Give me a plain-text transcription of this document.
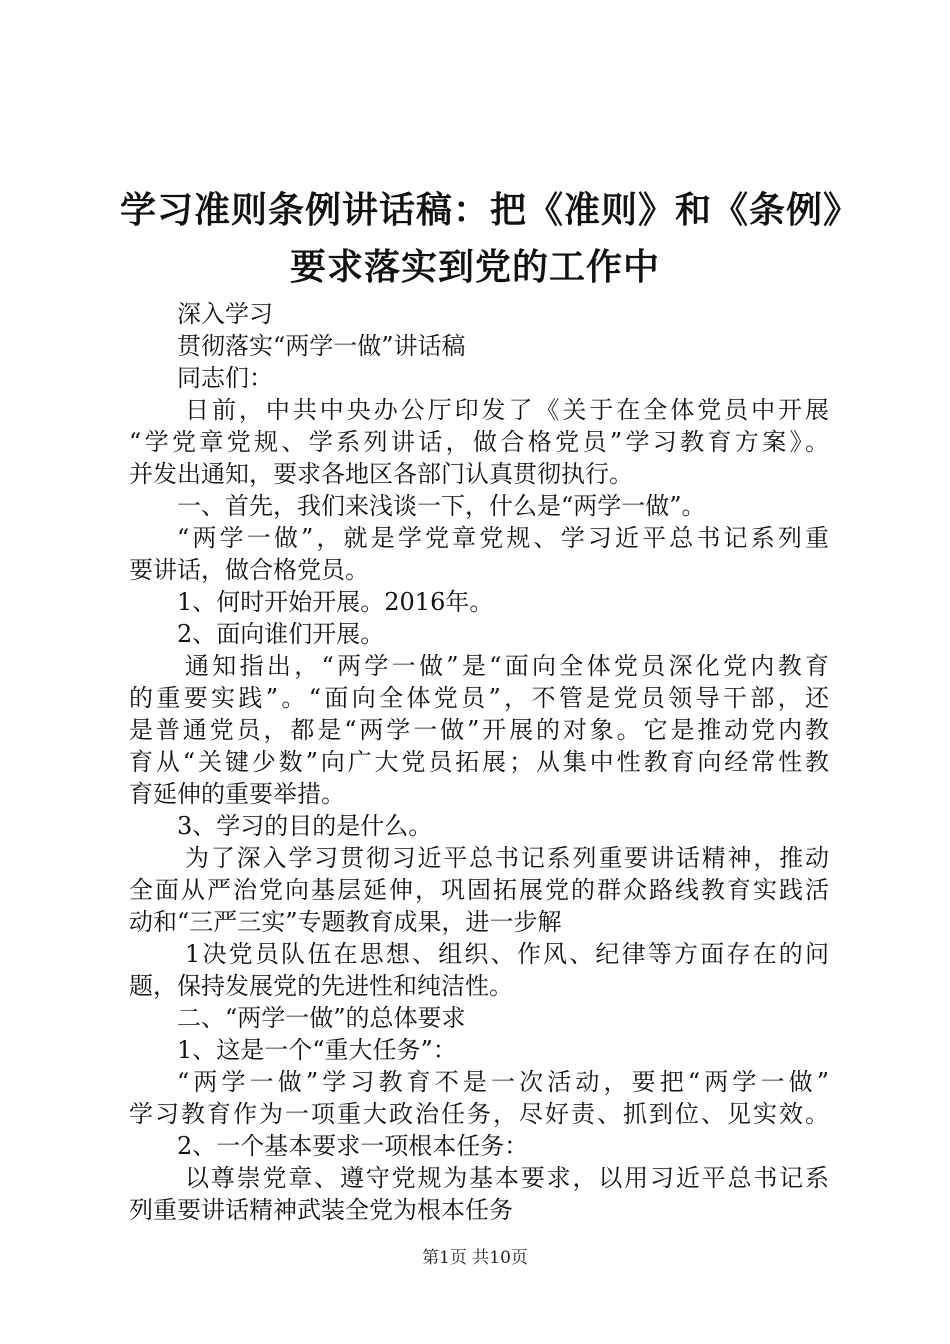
学习准则条例讲话稿：把《准则》和《条例》
要求落实到党的工作中
深入学习
贯彻落实“两学一做”讲话稿
同志们：
日前，中共中央办公厅印发了《关于在全体党员中开展
“学党章党规、学系列讲话，做合格党员”学习教育方案》。
并发出通知，要求各地区各部门认真贯彻执行。
一、首先，我们来浅谈一下，什么是“两学一做”。
“两学一做”，就是学党章党规、学习近平总书记系列重
要讲话，做合格党员。
1、何时开始开展。2016年。
2、面向谁们开展。
通知指出，“两学一做”是“面向全体党员深化党内教育
的重要实践”。“面向全体党员”，不管是党员领导干部，还
是普通党员，都是“两学一做”开展的对象。它是推动党内教
育从“关键少数”向广大党员拓展；从集中性教育向经常性教
育延伸的重要举措。
3、学习的目的是什么。
为了深入学习贯彻习近平总书记系列重要讲话精神，推动
全面从严治党向基层延伸，巩固拓展党的群众路线教育实践活
动和“三严三实”专题教育成果，进一步解
1决党员队伍在思想、组织、作风、纪律等方面存在的问
题，保持发展党的先进性和纯洁性。
二、“两学一做”的总体要求
1、这是一个“重大任务”：
“两学一做”学习教育不是一次活动，要把“两学一做”
学习教育作为一项重大政治任务，尽好责、抓到位、见实效。
2、一个基本要求一项根本任务：
以尊崇党章、遵守党规为基本要求，以用习近平总书记系
列重要讲话精神武装全党为根本任务
第1页 共10页
